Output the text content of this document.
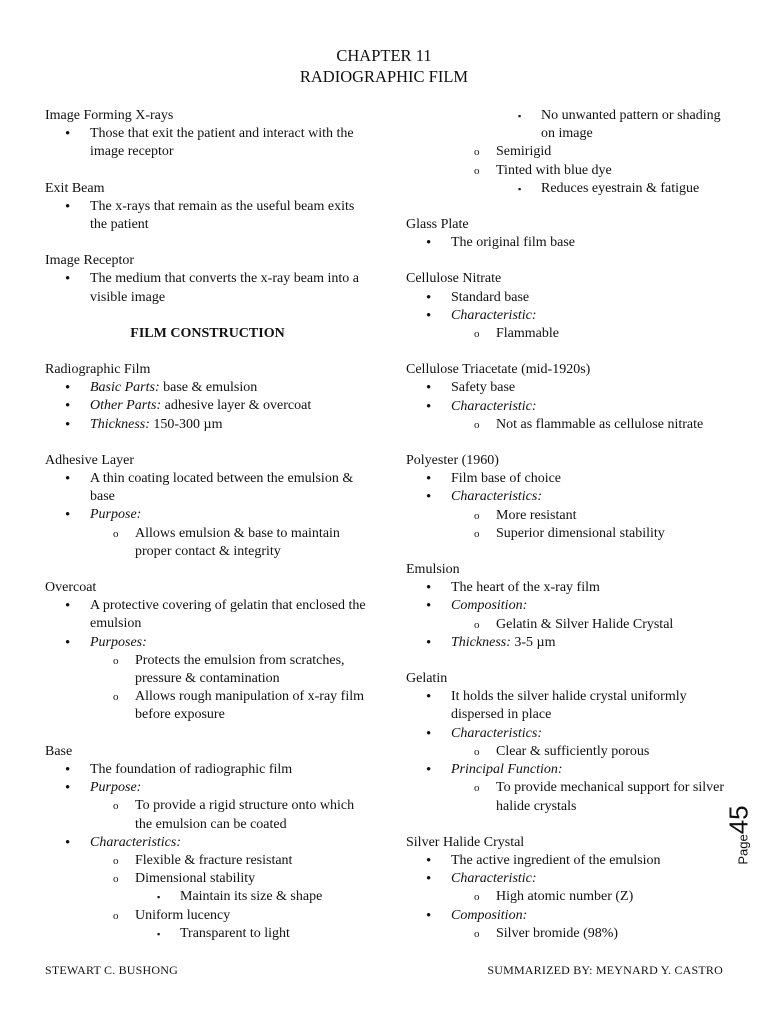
CHAPTER 11
RADIOGRAPHIC FILM
Image Forming X-rays
• Those that exit the patient and interact with the image receptor
Exit Beam
• The x-rays that remain as the useful beam exits the patient
Image Receptor
• The medium that converts the x-ray beam into a visible image
FILM CONSTRUCTION
Radiographic Film
• Basic Parts: base & emulsion
• Other Parts: adhesive layer & overcoat
• Thickness: 150-300 µm
Adhesive Layer
• A thin coating located between the emulsion & base
• Purpose:
o Allows emulsion & base to maintain proper contact & integrity
Overcoat
• A protective covering of gelatin that enclosed the emulsion
• Purposes:
o Protects the emulsion from scratches, pressure & contamination
o Allows rough manipulation of x-ray film before exposure
Base
• The foundation of radiographic film
• Purpose:
o To provide a rigid structure onto which the emulsion can be coated
• Characteristics:
o Flexible & fracture resistant
o Dimensional stability
▪ Maintain its size & shape
o Uniform lucency
▪ Transparent to light
▪ No unwanted pattern or shading on image
o Semirigid
o Tinted with blue dye
▪ Reduces eyestrain & fatigue
Glass Plate
• The original film base
Cellulose Nitrate
• Standard base
• Characteristic:
o Flammable
Cellulose Triacetate (mid-1920s)
• Safety base
• Characteristic:
o Not as flammable as cellulose nitrate
Polyester (1960)
• Film base of choice
• Characteristics:
o More resistant
o Superior dimensional stability
Emulsion
• The heart of the x-ray film
• Composition:
o Gelatin & Silver Halide Crystal
• Thickness: 3-5 µm
Gelatin
• It holds the silver halide crystal uniformly dispersed in place
• Characteristics:
o Clear & sufficiently porous
• Principal Function:
o To provide mechanical support for silver halide crystals
Silver Halide Crystal
• The active ingredient of the emulsion
• Characteristic:
o High atomic number (Z)
• Composition:
o Silver bromide (98%)
Page45
STEWART C. BUSHONG	SUMMARIZED BY: MEYNARD Y. CASTRO
